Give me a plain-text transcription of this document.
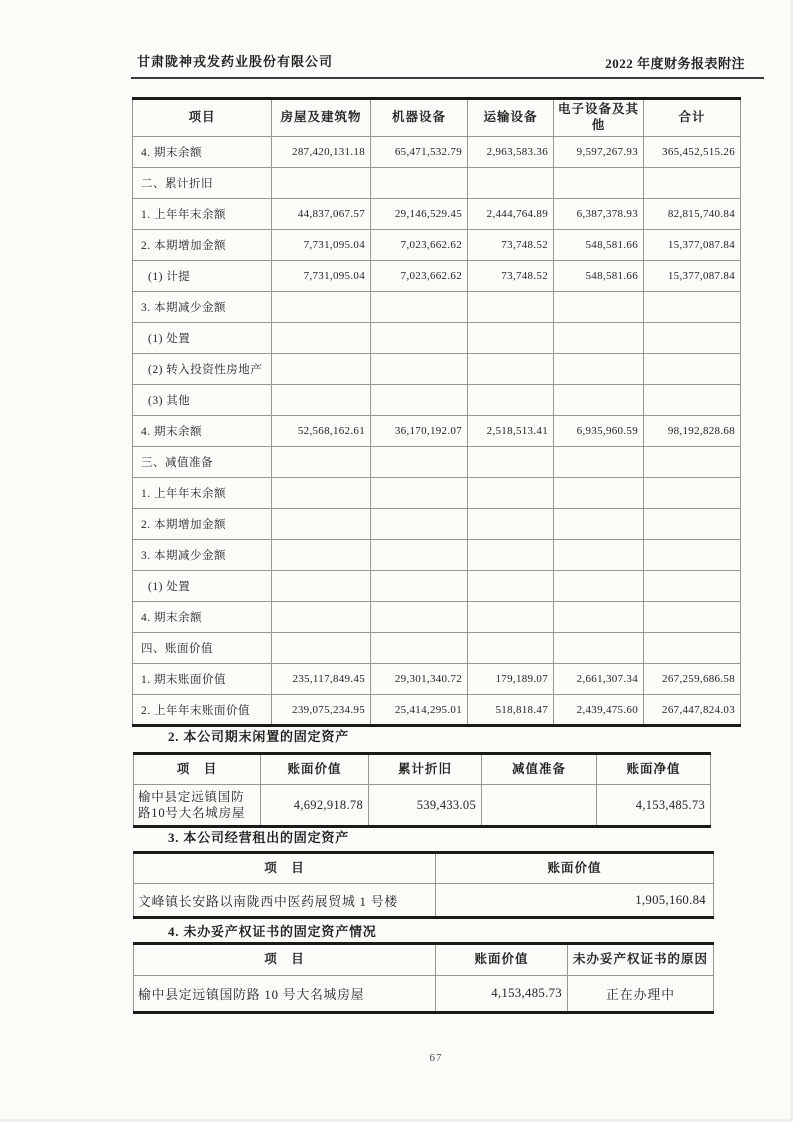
甘肃陇神戎发药业股份有限公司	2022 年度财务报表附注
项目	房屋及建筑物	机器设备	运输设备	电子设备及其他	合计
4. 期末余额	287,420,131.18	65,471,532.79	2,963,583.36	9,597,267.93	365,452,515.26
二、累计折旧					
1. 上年年末余额	44,837,067.57	29,146,529.45	2,444,764.89	6,387,378.93	82,815,740.84
2. 本期增加金额	7,731,095.04	7,023,662.62	73,748.52	548,581.66	15,377,087.84
(1) 计提	7,731,095.04	7,023,662.62	73,748.52	548,581.66	15,377,087.84
3. 本期减少金额					
(1) 处置					
(2) 转入投资性房地产					
(3) 其他					
4. 期末余额	52,568,162.61	36,170,192.07	2,518,513.41	6,935,960.59	98,192,828.68
三、减值准备					
1. 上年年末余额					
2. 本期增加金额					
3. 本期减少金额					
(1) 处置					
4. 期末余额					
四、账面价值					
1. 期末账面价值	235,117,849.45	29,301,340.72	179,189.07	2,661,307.34	267,259,686.58
2. 上年年末账面价值	239,075,234.95	25,414,295.01	518,818.47	2,439,475.60	267,447,824.03
2. 本公司期末闲置的固定资产
项　目	账面价值	累计折旧	减值准备	账面净值
榆中县定远镇国防路10号大名城房屋	4,692,918.78	539,433.05		4,153,485.73
3. 本公司经营租出的固定资产
项　目	账面价值
文峰镇长安路以南陇西中医药展贸城 1 号楼	1,905,160.84
4. 未办妥产权证书的固定资产情况
项　目	账面价值	未办妥产权证书的原因
榆中县定远镇国防路 10 号大名城房屋	4,153,485.73	正在办理中
67
